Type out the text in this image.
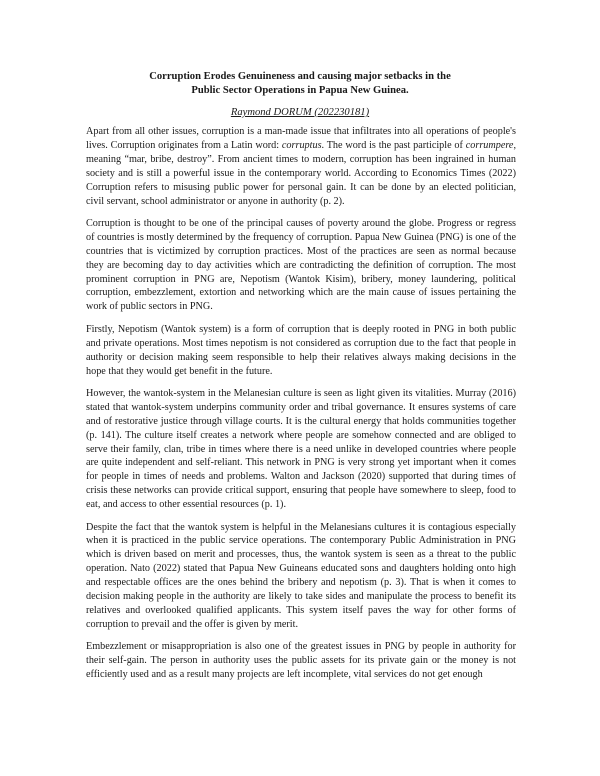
Corruption Erodes Genuineness and causing major setbacks in the
Public Sector Operations in Papua New Guinea.
Raymond DORUM (202230181)

Apart from all other issues, corruption is a man-made issue that infiltrates into all operations of people's lives. Corruption originates from a Latin word: corruptus. The word is the past participle of corrumpere, meaning “mar, bribe, destroy”. From ancient times to modern, corruption has been ingrained in human society and is still a powerful issue in the contemporary world. According to Economics Times (2022) Corruption refers to misusing public power for personal gain. It can be done by an elected politician, civil servant, school administrator or anyone in authority (p. 2).

Corruption is thought to be one of the principal causes of poverty around the globe. Progress or regress of countries is mostly determined by the frequency of corruption. Papua New Guinea (PNG) is one of the countries that is victimized by corruption practices. Most of the practices are seen as normal because they are becoming day to day activities which are contradicting the definition of corruption. The most prominent corruption in PNG are, Nepotism (Wantok Kisim), bribery, money laundering, political corruption, embezzlement, extortion and networking which are the main cause of issues pertaining the work of public sectors in PNG.

Firstly, Nepotism (Wantok system) is a form of corruption that is deeply rooted in PNG in both public and private operations. Most times nepotism is not considered as corruption due to the fact that people in authority or decision making seem responsible to help their relatives always making decisions in the hope that they would get benefit in the future.

However, the wantok-system in the Melanesian culture is seen as light given its vitalities. Murray (2016) stated that wantok-system underpins community order and tribal governance. It ensures systems of care and of restorative justice through village courts. It is the cultural energy that holds communities together (p. 141). The culture itself creates a network where people are somehow connected and are obliged to serve their family, clan, tribe in times where there is a need unlike in developed countries where people are quite independent and self-reliant. This network in PNG is very strong yet important when it comes for people in times of needs and problems. Walton and Jackson (2020) supported that during times of crisis these networks can provide critical support, ensuring that people have somewhere to sleep, food to eat, and access to other essential resources (p. 1).

Despite the fact that the wantok system is helpful in the Melanesians cultures it is contagious especially when it is practiced in the public service operations. The contemporary Public Administration in PNG which is driven based on merit and processes, thus, the wantok system is seen as a threat to the public operation. Nato (2022) stated that Papua New Guineans educated sons and daughters holding onto high and respectable offices are the ones behind the bribery and nepotism (p. 3). That is when it comes to decision making people in the authority are likely to take sides and manipulate the process to benefit its relatives and overlooked qualified applicants. This system itself paves the way for other forms of corruption to prevail and the offer is given by merit.

Embezzlement or misappropriation is also one of the greatest issues in PNG by people in authority for their self-gain. The person in authority uses the public assets for its private gain or the money is not efficiently used and as a result many projects are left incomplete, vital services do not get enough
